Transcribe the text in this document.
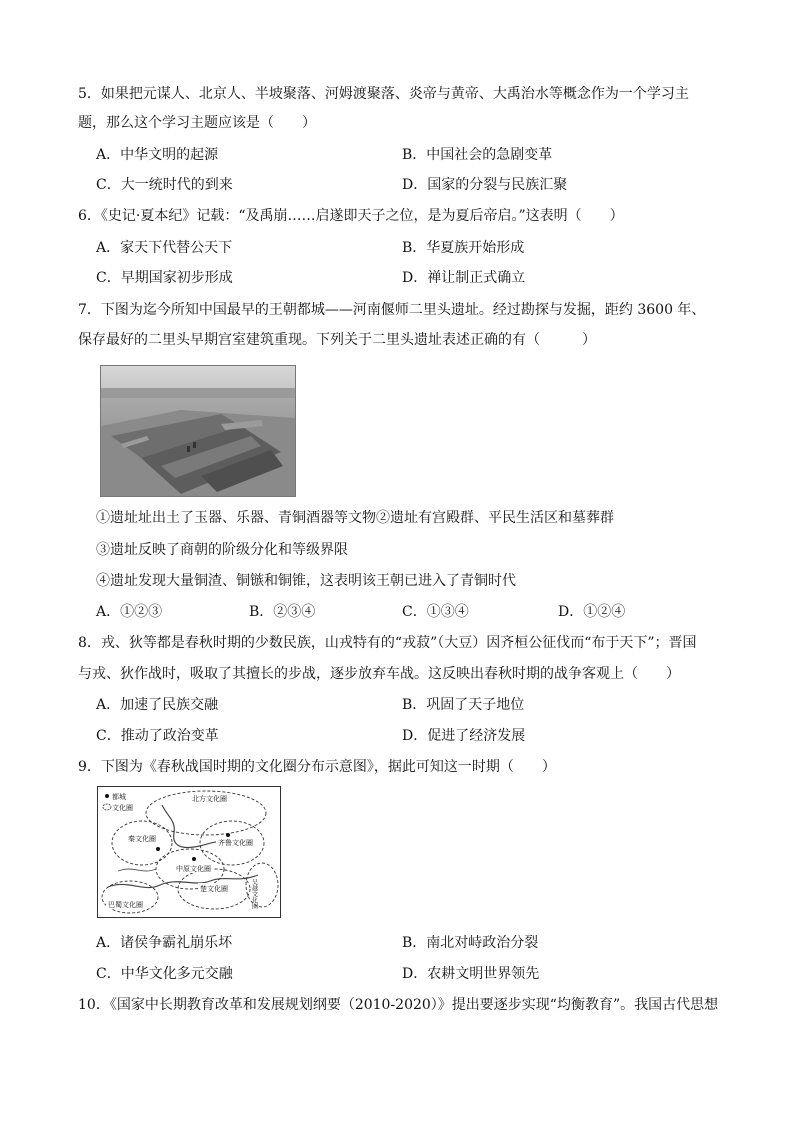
5．如果把元谋人、北京人、半坡聚落、河姆渡聚落、炎帝与黄帝、大禹治水等概念作为一个学习主
题，那么这个学习主题应该是（　　）
A．中华文明的起源	B．中国社会的急剧变革
C．大一统时代的到来	D．国家的分裂与民族汇聚
6．《史记·夏本纪》记载：“及禹崩……启遂即天子之位，是为夏后帝启。”这表明（　　）
A．家天下代替公天下	B．华夏族开始形成
C．早期国家初步形成	D．禅让制正式确立
7．下图为迄今所知中国最早的王朝都城——河南偃师二里头遗址。经过勘探与发掘，距约 3600 年、
保存最好的二里头早期宫室建筑重现。下列关于二里头遗址表述正确的有（　　　）
①遗址址出土了玉器、乐器、青铜酒器等文物②遗址有宫殿群、平民生活区和墓葬群
③遗址反映了商朝的阶级分化和等级界限
④遗址发现大量铜渣、铜镞和铜锥，这表明该王朝已进入了青铜时代
A．①②③	B．②③④	C．①③④	D．①②④
8．戎、狄等都是春秋时期的少数民族，山戎特有的“戎菽”（大豆）因齐桓公征伐而“布于天下”；晋国
与戎、狄作战时，吸取了其擅长的步战，逐步放弃车战。这反映出春秋时期的战争客观上（　　）
A．加速了民族交融	B．巩固了天子地位
C．推动了政治变革	D．促进了经济发展
9．下图为《春秋战国时期的文化圈分布示意图》，据此可知这一时期（　　）
都城
文化圈
北方文化圈
秦文化圈	齐鲁文化圈
中原文化圈
楚文化圈
巴蜀文化圈	吴越文化圈
A．诸侯争霸礼崩乐坏	B．南北对峙政治分裂
C．中华文化多元交融	D．农耕文明世界领先
10．《国家中长期教育改革和发展规划纲要（2010-2020）》提出要逐步实现“均衡教育”。我国古代思想
